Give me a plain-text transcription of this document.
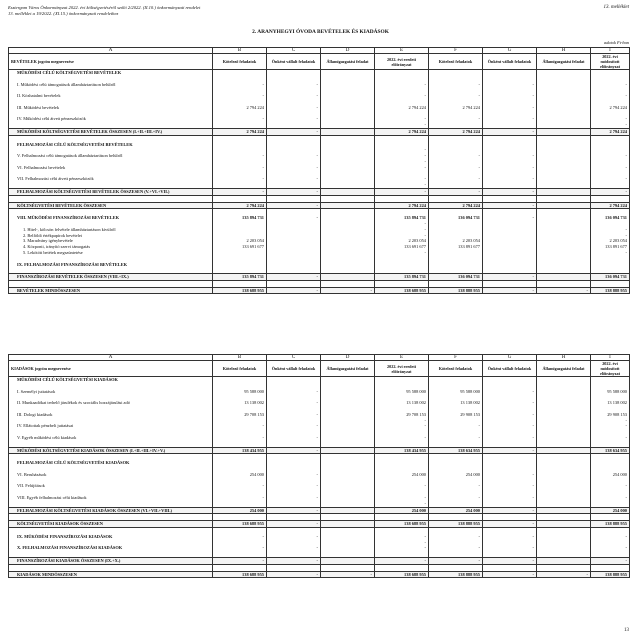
Esztergom Város Önkormányzat 2022. évi költségvetéséről szóló 2/2022. (II.10.) önkormányzati rendelet
13. melléklet a 19/2022. (XI.15.) önkormányzati rendelethez
13. melléklet
2. ARANYHEGYI ÓVODA BEVÉTELEK ÉS KIADÁSOK
adatok Ft-ban
A	B	C	D	E	F	G	H	I
BEVÉTELEK jogcím megnevezése	Kötelező feladatok	Önként vállalt feladatok	Államigazgatási feladat	2022. évi eredeti előirányzat	Kötelező feladatok	Önként vállalt feladatok	Államigazgatási feladat	2022. évi módosított előirányzat
MŰKÖDÉSI CÉLÚ KÖLTSÉGVETÉSI BEVÉTELEK								

I. Működési célú támogatások államháztartáson belülről	-	-		-	-	-		-

II. Közhatalmi bevételek	-	-		-	-	-		-

III. Működési bevételek	2 794 224	-		2 794 224	2 794 224	-		2 794 224

IV. Működési célú átvett pénzeszközök	-	-		-	-	-		-
				-				-
MŰKÖDÉSI KÖLTSÉGVETÉSI BEVÉTELEK ÖSSZESEN (I.+II.+III.+IV.)	2 794 224	-		2 794 224	2 794 224	-		2 794 224

FELHALMOZÁSI CÉLÚ KÖLTSÉGVETÉSI BEVÉTELEK								
				-				
V. Felhalmozási célú támogatások államháztartáson belülről	-	-		-	-	-		-
				-				
VI. Felhalmozási bevételek	-	-		-	-	-		-

VII. Felhalmozási célú átvett pénzeszközök	-	-		-	-	-		-
				-				
FELHALMOZÁSI KÖLTSÉGVETÉSI BEVÉTELEK ÖSSZESEN (V.+VI.+VII.)	-	-		-	-	-		-

KÖLTSÉGVETÉSI BEVÉTELEK ÖSSZESEN	2 794 224	-		2 794 224	2 794 224	-		2 794 224

VIII. MŰKÖDÉSI FINANSZÍROZÁSI BEVÉTELEK	135 894 731	-		135 894 731	136 094 731	-		136 094 731
				-				
1. Hitel-, kölcsön felvétele államháztartáson kívülről				-				-
2. Belföldi értékpapírok bevételei				-				-
3. Maradvány igénybevétele	2 203 054			2 203 054	2 203 054			2 203 054
4. Központi, irányító szervi támogatás	133 691 677			133 691 677	133 891 677			133 891 677
5. Lekötött betétek megszüntetése				-				-

IX. FELHALMOZÁSI FINANSZÍROZÁSI BEVÉTELEK								

FINANSZÍROZÁSI BEVÉTELEK ÖSSZESEN (VIII.+IX.)	135 894 731	-		135 894 731	136 094 731	-		136 094 731

BEVÉTELEK MINDÖSSZESEN	138 688 955	-	-	138 688 955	138 888 955	-	-	138 888 955
A	B	C	D	E	F	G	H	I
KIADÁSOK jogcím megnevezése	Kötelező feladatok	Önként vállalt feladatok	Államigazgatási feladat	2022. évi eredeti előirányzat	Kötelező feladatok	Önként vállalt feladatok	Államigazgatási feladat	2022. évi módosított előirányzat
MŰKÖDÉSI CÉLÚ KÖLTSÉGVETÉSI KIADÁSOK								

I. Személyi juttatások	95 588 000	-		95 588 000	95 588 000	-		95 588 000

II. Munkaadókat terhelő járulékok és szociális hozzájárulási adó	13 138 002	-		13 138 002	13 138 002	-		13 138 002

III. Dologi kiadások	29 708 153	-		29 708 153	29 908 153	-		29 908 153
				-				-
IV. Ellátottak pénzbeli juttatásai	-	-		-	-	-		-

V. Egyéb működési célú kiadások	-	-		-	-	-		-

MŰKÖDÉSI KÖLTSÉGVETÉSI KIADÁSOK ÖSSZESEN (I.+II.+III.+IV.+V.)	138 434 955	-		138 434 955	138 634 955	-		138 634 955

FELHALMOZÁSI CÉLÚ KÖLTSÉGVETÉSI KIADÁSOK								

VI. Beruházások	254 000	-		254 000	254 000	-		254 000

VII. Felújítások	-	-		-	-	-		-

VIII. Egyéb felhalmozási célú kiadások	-	-		-	-	-		-
				-				
FELHALMOZÁSI KÖLTSÉGVETÉSI KIADÁSOK ÖSSZESEN (VI.+VII.+VIII.)	254 000	-		254 000	254 000	-		254 000

KÖLTSÉGVETÉSI KIADÁSOK ÖSSZESEN	138 688 955	-		138 688 955	138 888 955	-		138 888 955

IX. MŰKÖDÉSI FINANSZÍROZÁSI KIADÁSOK	-	-		-	-	-		-
				-				
X. FELHALMOZÁSI FINANSZÍROZÁSI KIADÁSOK	-	-		-	-	-		-

FINANSZÍROZÁSI KIADÁSOK ÖSSZESEN (IX.+X.)	-	-		-	-	-		-

KIADÁSOK MINDÖSSZESEN	138 688 955	-	-	138 688 955	138 888 955	-	-	138 888 955
13
